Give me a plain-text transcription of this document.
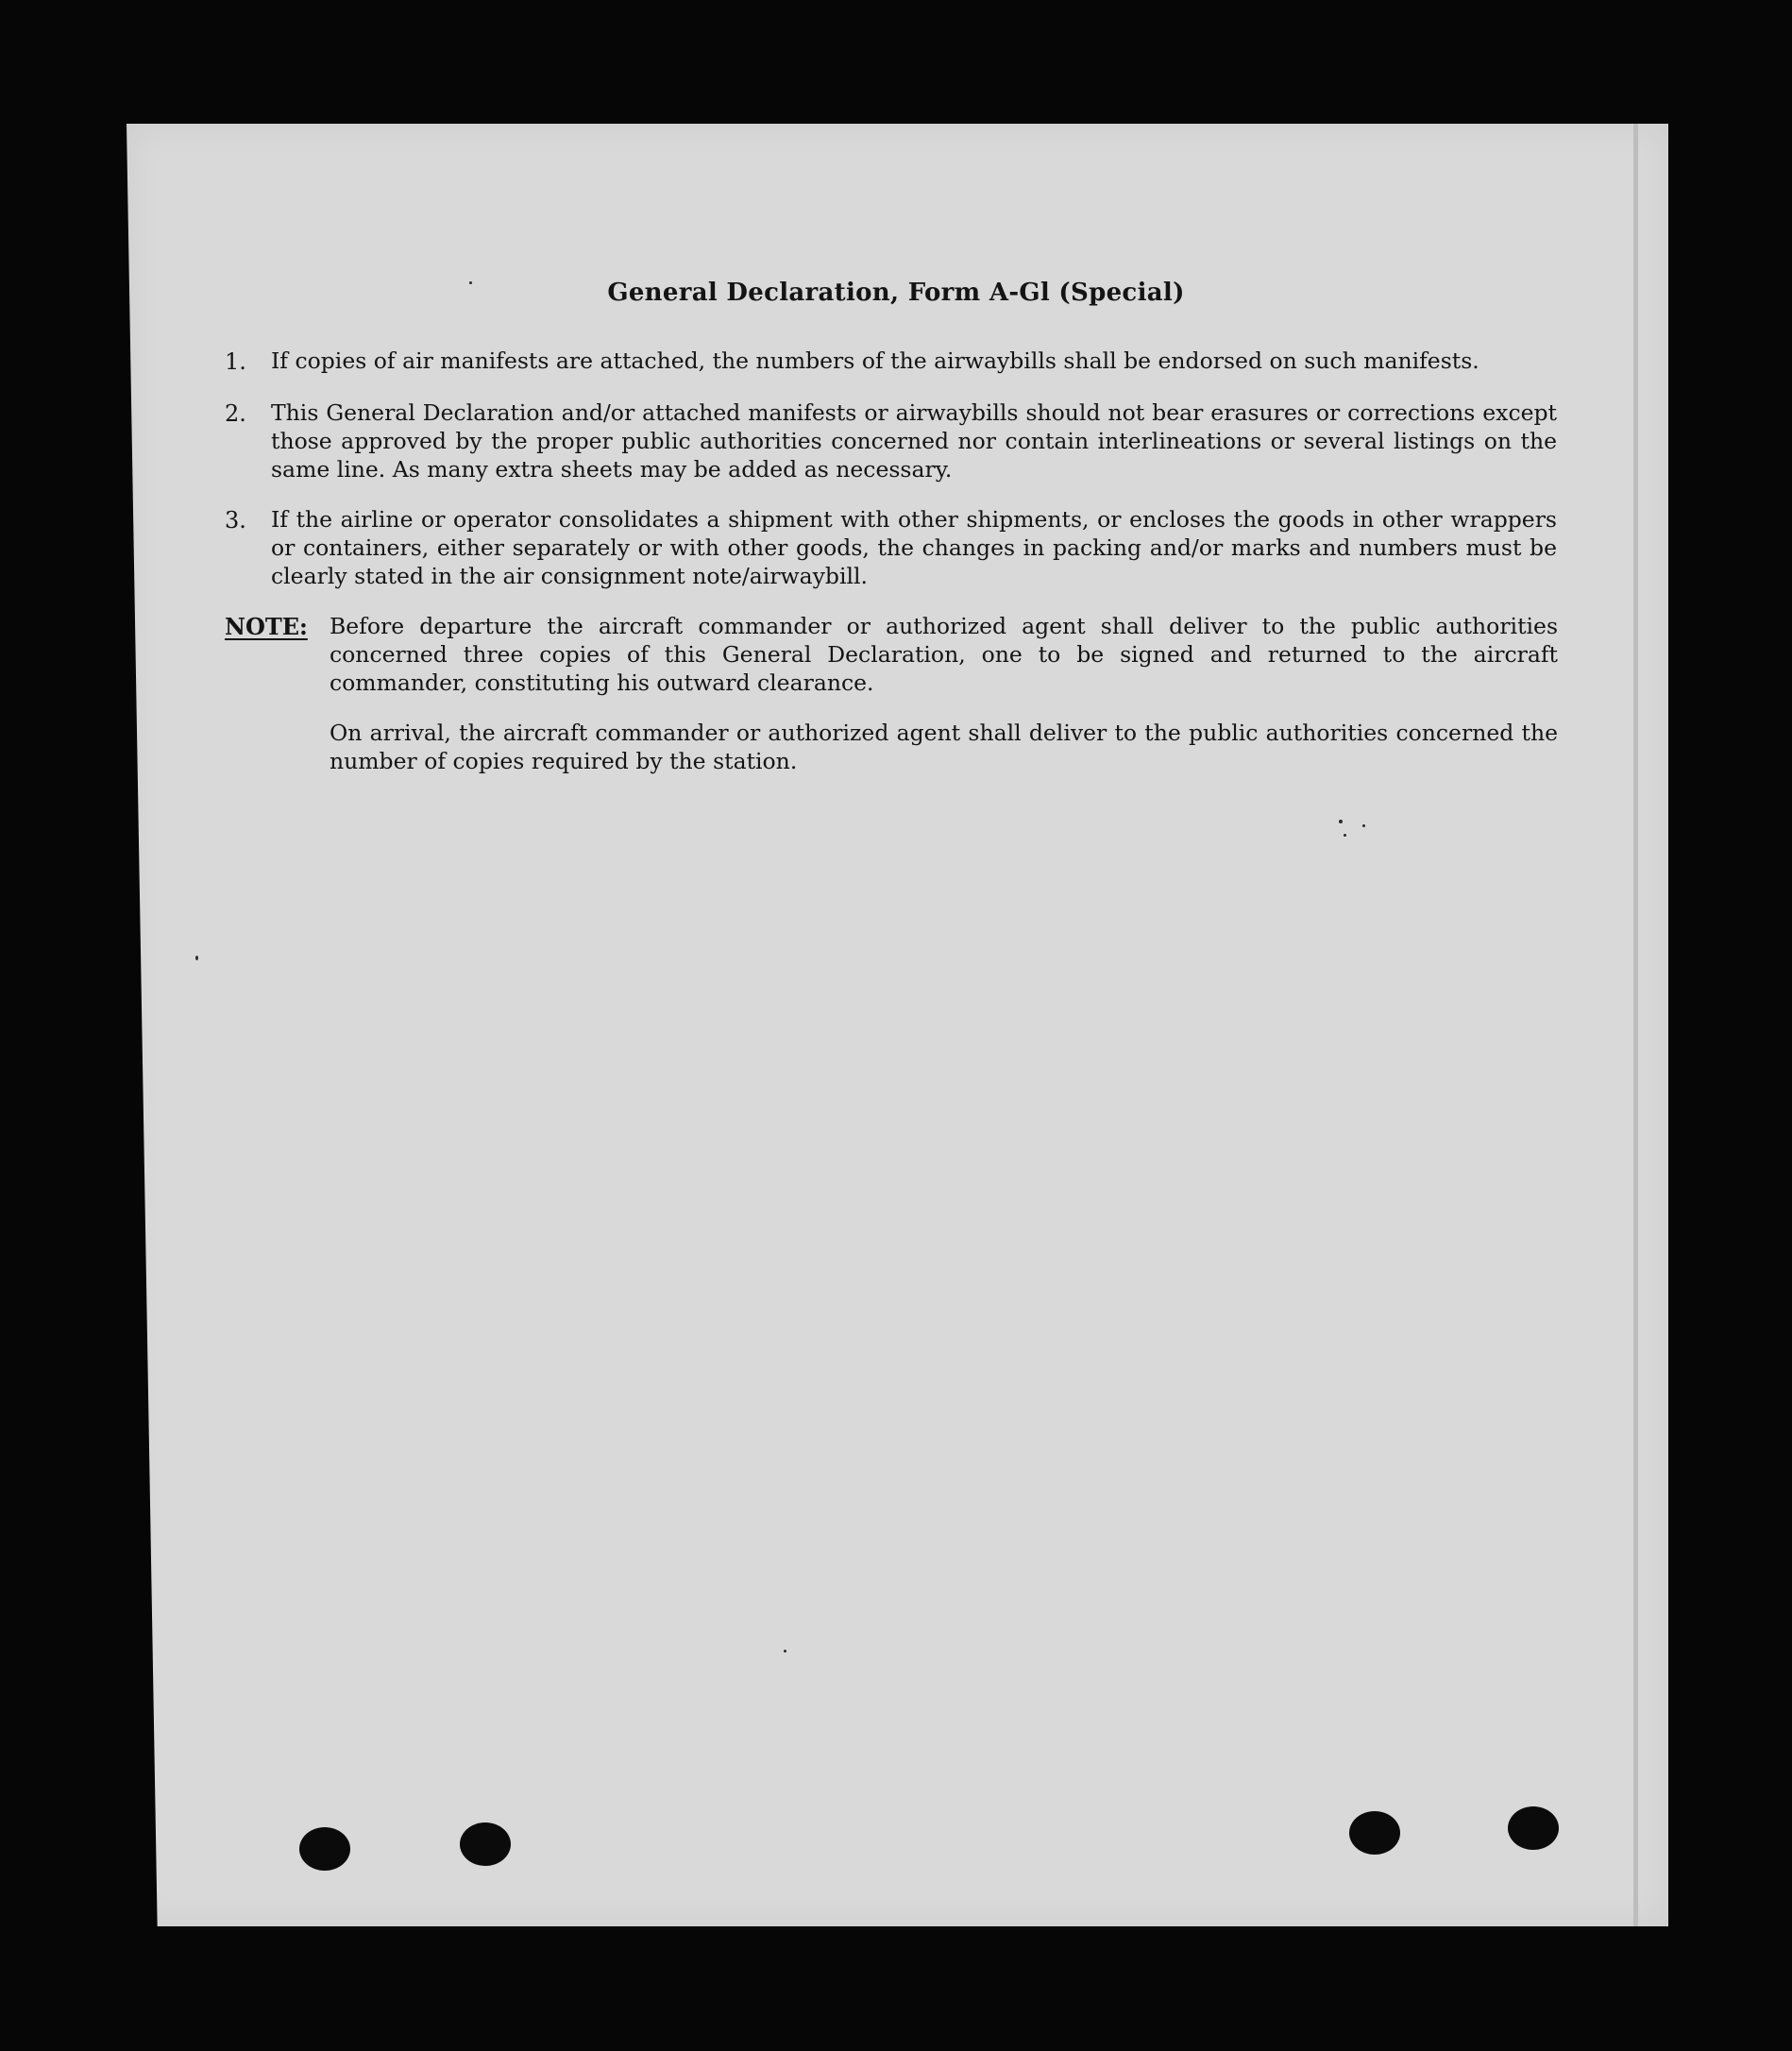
General Declaration, Form A-Gl (Special)
1. If copies of air manifests are attached, the numbers of the airwaybills shall be endorsed on such manifests.
2. This General Declaration and/or attached manifests or airwaybills should not bear erasures or corrections except those approved by the proper public authorities concerned nor contain interlineations or several listings on the same line. As many extra sheets may be added as necessary.
3. If the airline or operator consolidates a shipment with other shipments, or encloses the goods in other wrappers or containers, either separately or with other goods, the changes in packing and/or marks and numbers must be clearly stated in the air consignment note/airwaybill.
NOTE: Before departure the aircraft commander or authorized agent shall deliver to the public authorities concerned three copies of this General Declaration, one to be signed and returned to the aircraft commander, constituting his outward clearance.
On arrival, the aircraft commander or authorized agent shall deliver to the public authorities concerned the number of copies required by the station.
